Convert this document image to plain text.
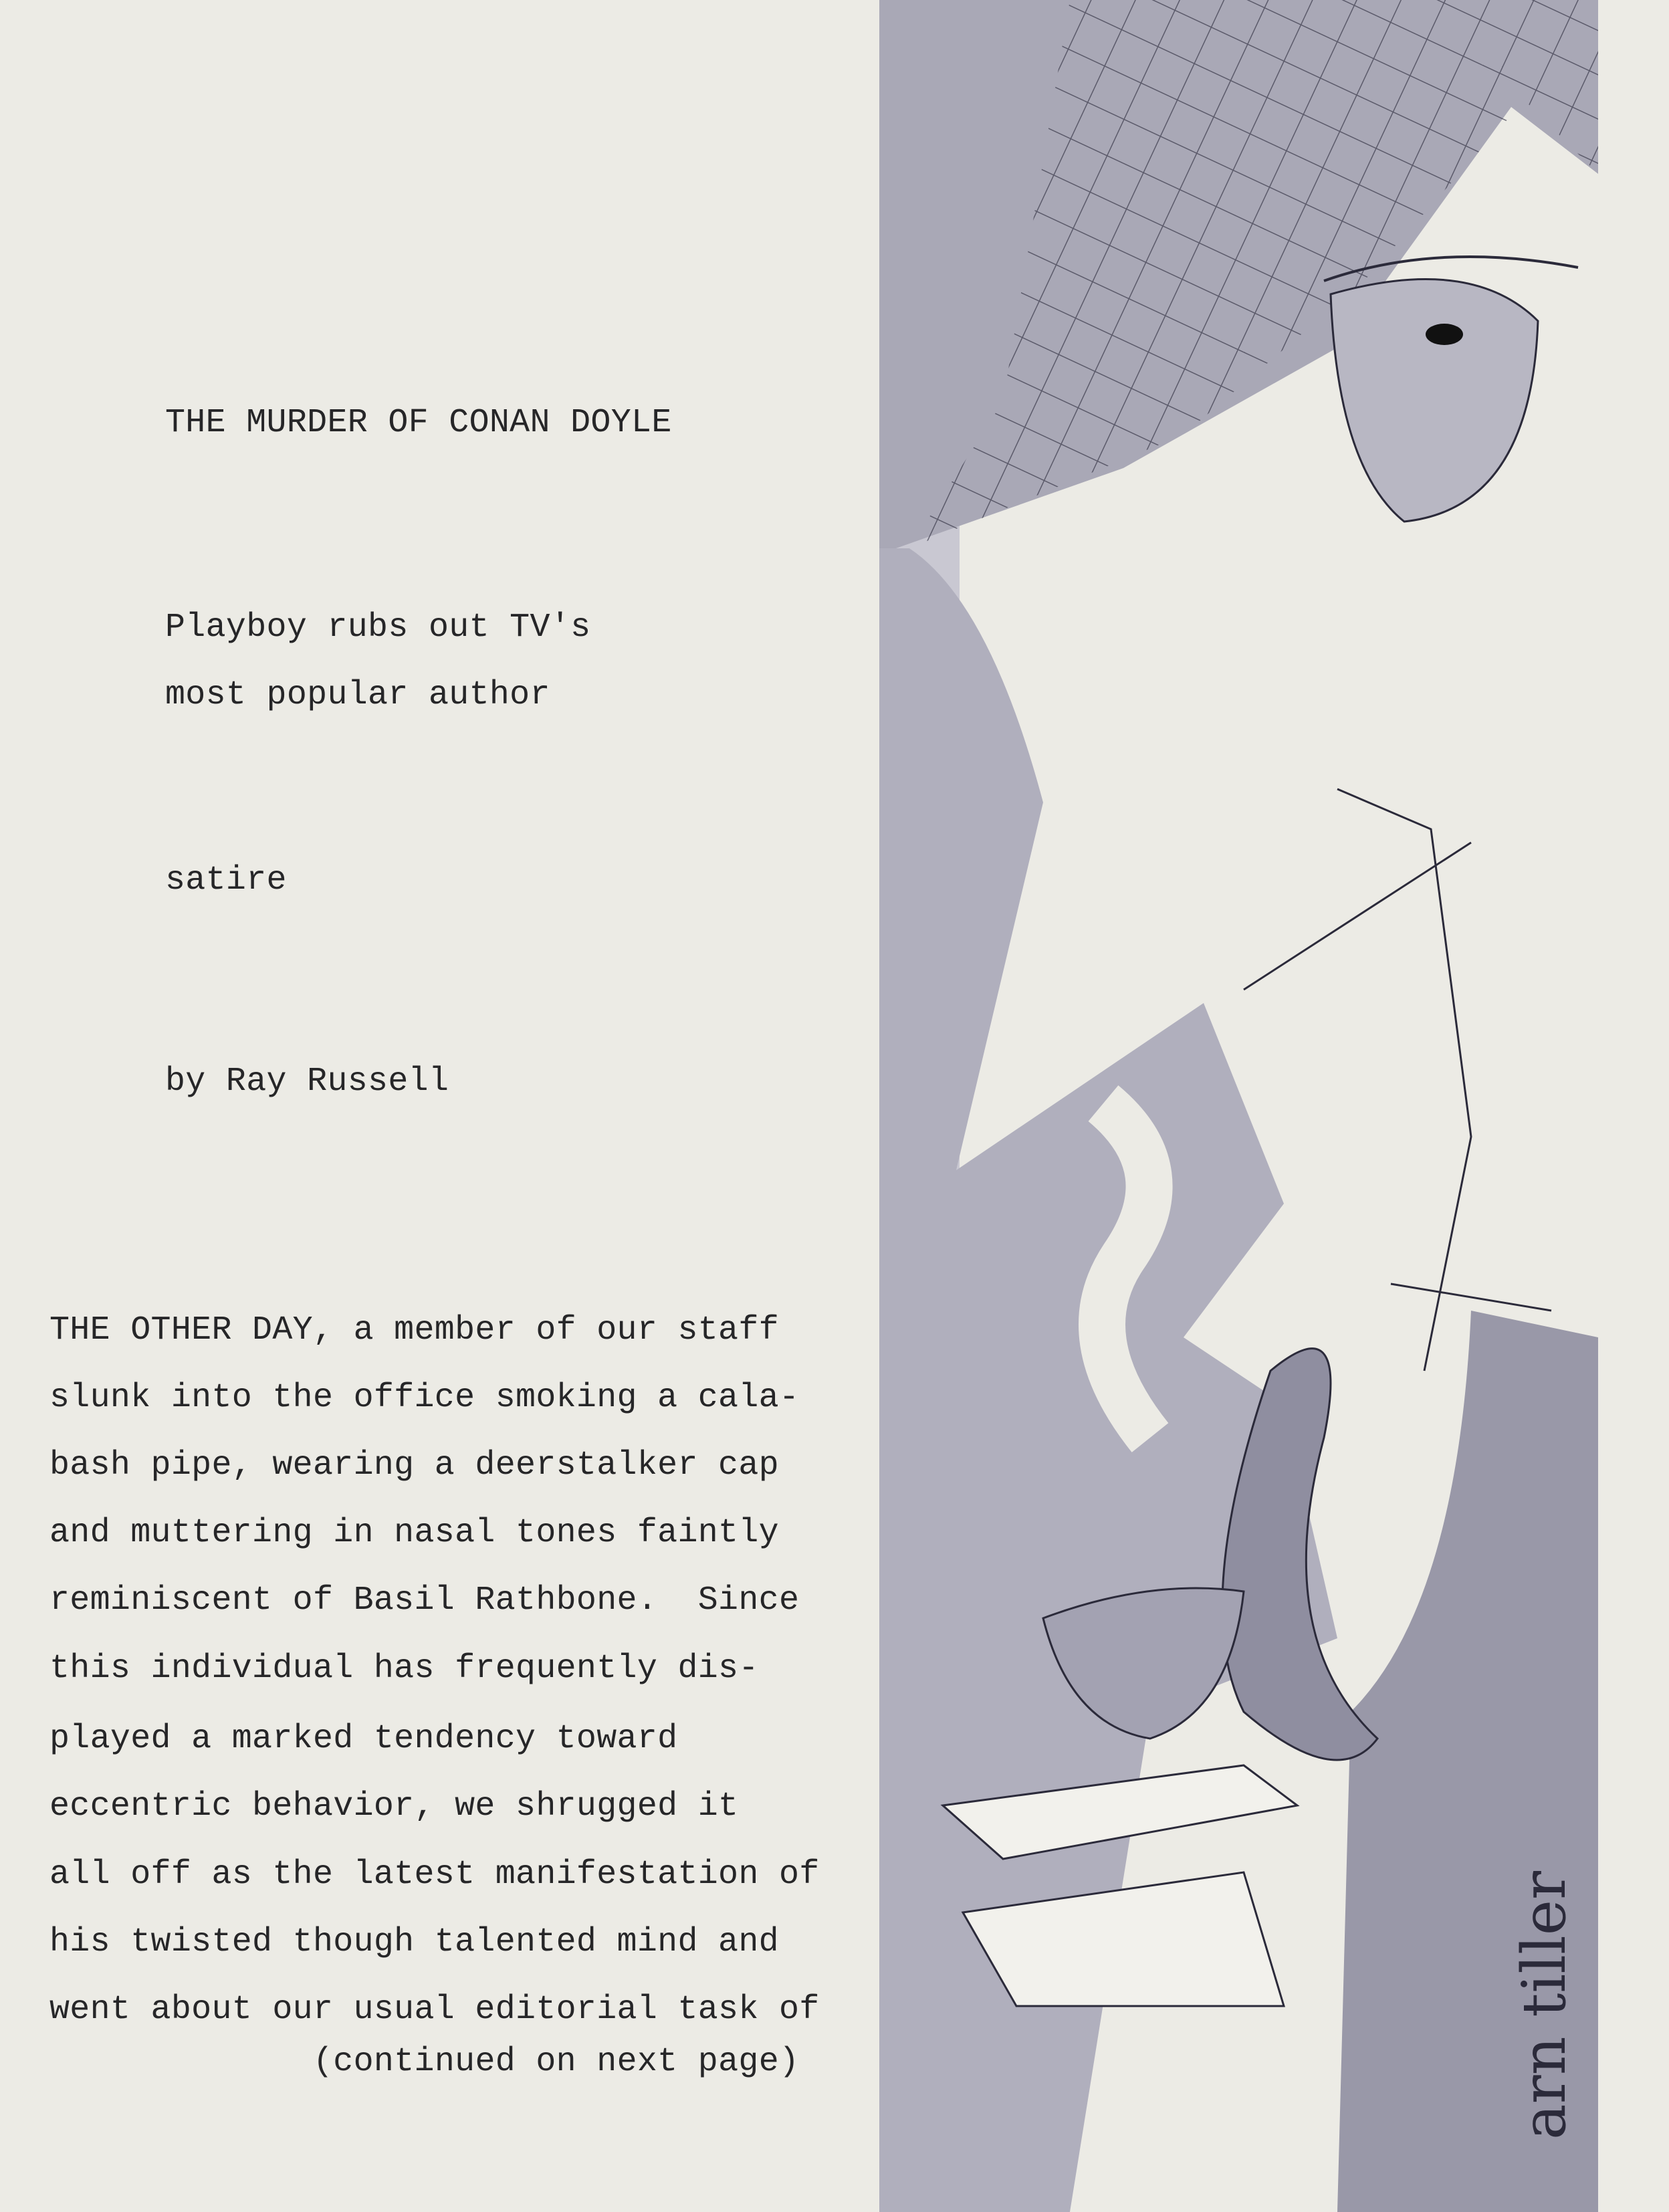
THE MURDER OF CONAN DOYLE
Playboy rubs out TV's
most popular author
satire
by Ray Russell
THE OTHER DAY, a member of our staff
slunk into the office smoking a cala-
bash pipe, wearing a deerstalker cap
and muttering in nasal tones faintly
reminiscent of Basil Rathbone.  Since
this individual has frequently dis-
played a marked tendency toward
eccentric behavior, we shrugged it
all off as the latest manifestation of
his twisted though talented mind and
went about our usual editorial task of
(continued on next page)	arn tiller
